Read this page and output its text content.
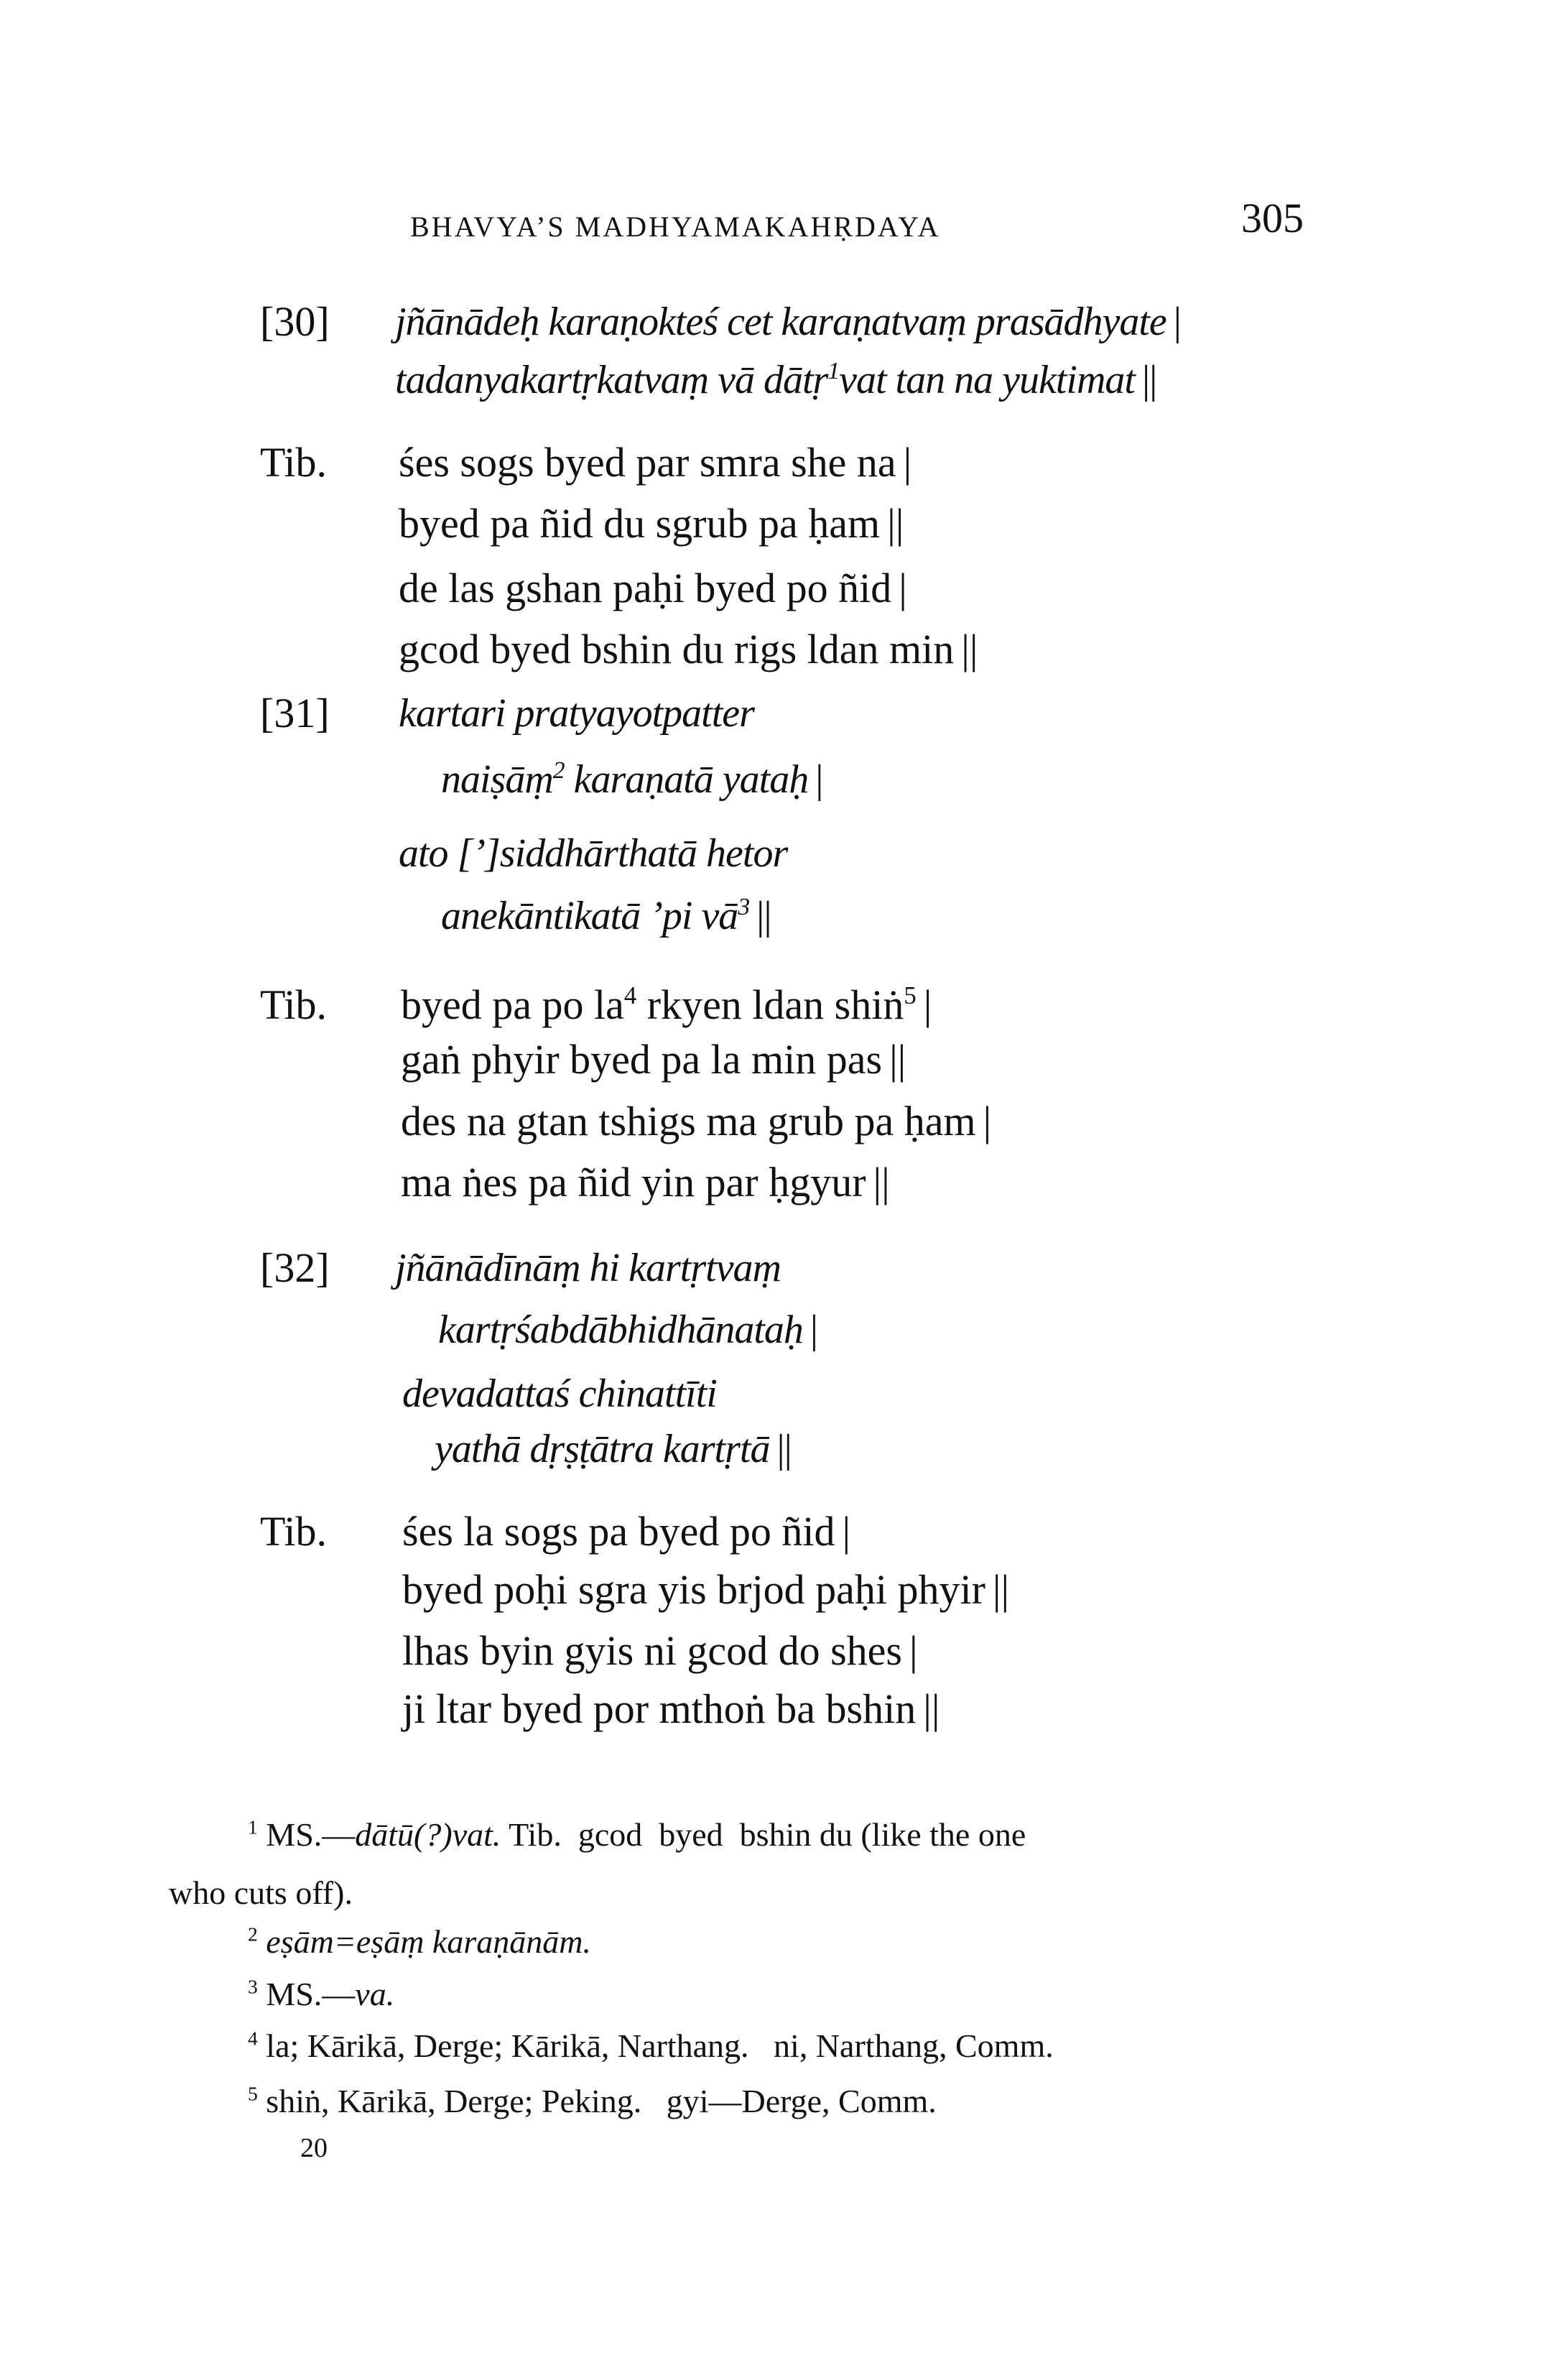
BHAVYA’S MADHYAMAKAHṚDAYA	305
[30] jñānādeḥ karaṇokteś cet karaṇatvaṃ prasādhyate |
tadanyakartṛkatvaṃ vā dātṛ$^1$vat tan na yuktimat ||
Tib. śes sogs byed par smra she na |
byed pa ñid du sgrub pa ḥam ||
de las gshan paḥi byed po ñid |
gcod byed bshin du rigs ldan min ||
[31] kartari pratyayotpatter
naiṣāṃ$^2$ karaṇatā yataḥ |
ato [’]siddhārthatā hetor
anekāntikatā ’pi $vā^3$ ||
Tib. byed pa po $la^4$ rkyen ldan shiṅ$^5$ |
gaṅ phyir byed pa la min pas ||
des na gtan tshigs ma grub pa ḥam |
ma ṅes pa ñid yin par ḥgyur ||
[32] jñānādīnāṃ hi kartṛtvaṃ
kartṛśabdābhidhānataḥ |
devadattaś chinattīti
yathā dṛṣṭātra kartṛtā ||
Tib. śes la sogs pa byed po ñid |
byed poḥi sgra yis brjod paḥi phyir ||
lhas byin gyis ni gcod do shes |
ji ltar byed por mthoṅ ba bshin ||
$^1$ MS.—dātū(?)vat. Tib.  gcod  byed  bshin du (like the one
who cuts off).
$^2$ eṣām=eṣāṃ karaṇānām.
$^3$ MS.—va.
$^4$ la; Kārikā, Derge; Kārikā, Narthang.   ni, Narthang, Comm.
$^5$ shiṅ, Kārikā, Derge; Peking.   gyi—Derge, Comm.
20
